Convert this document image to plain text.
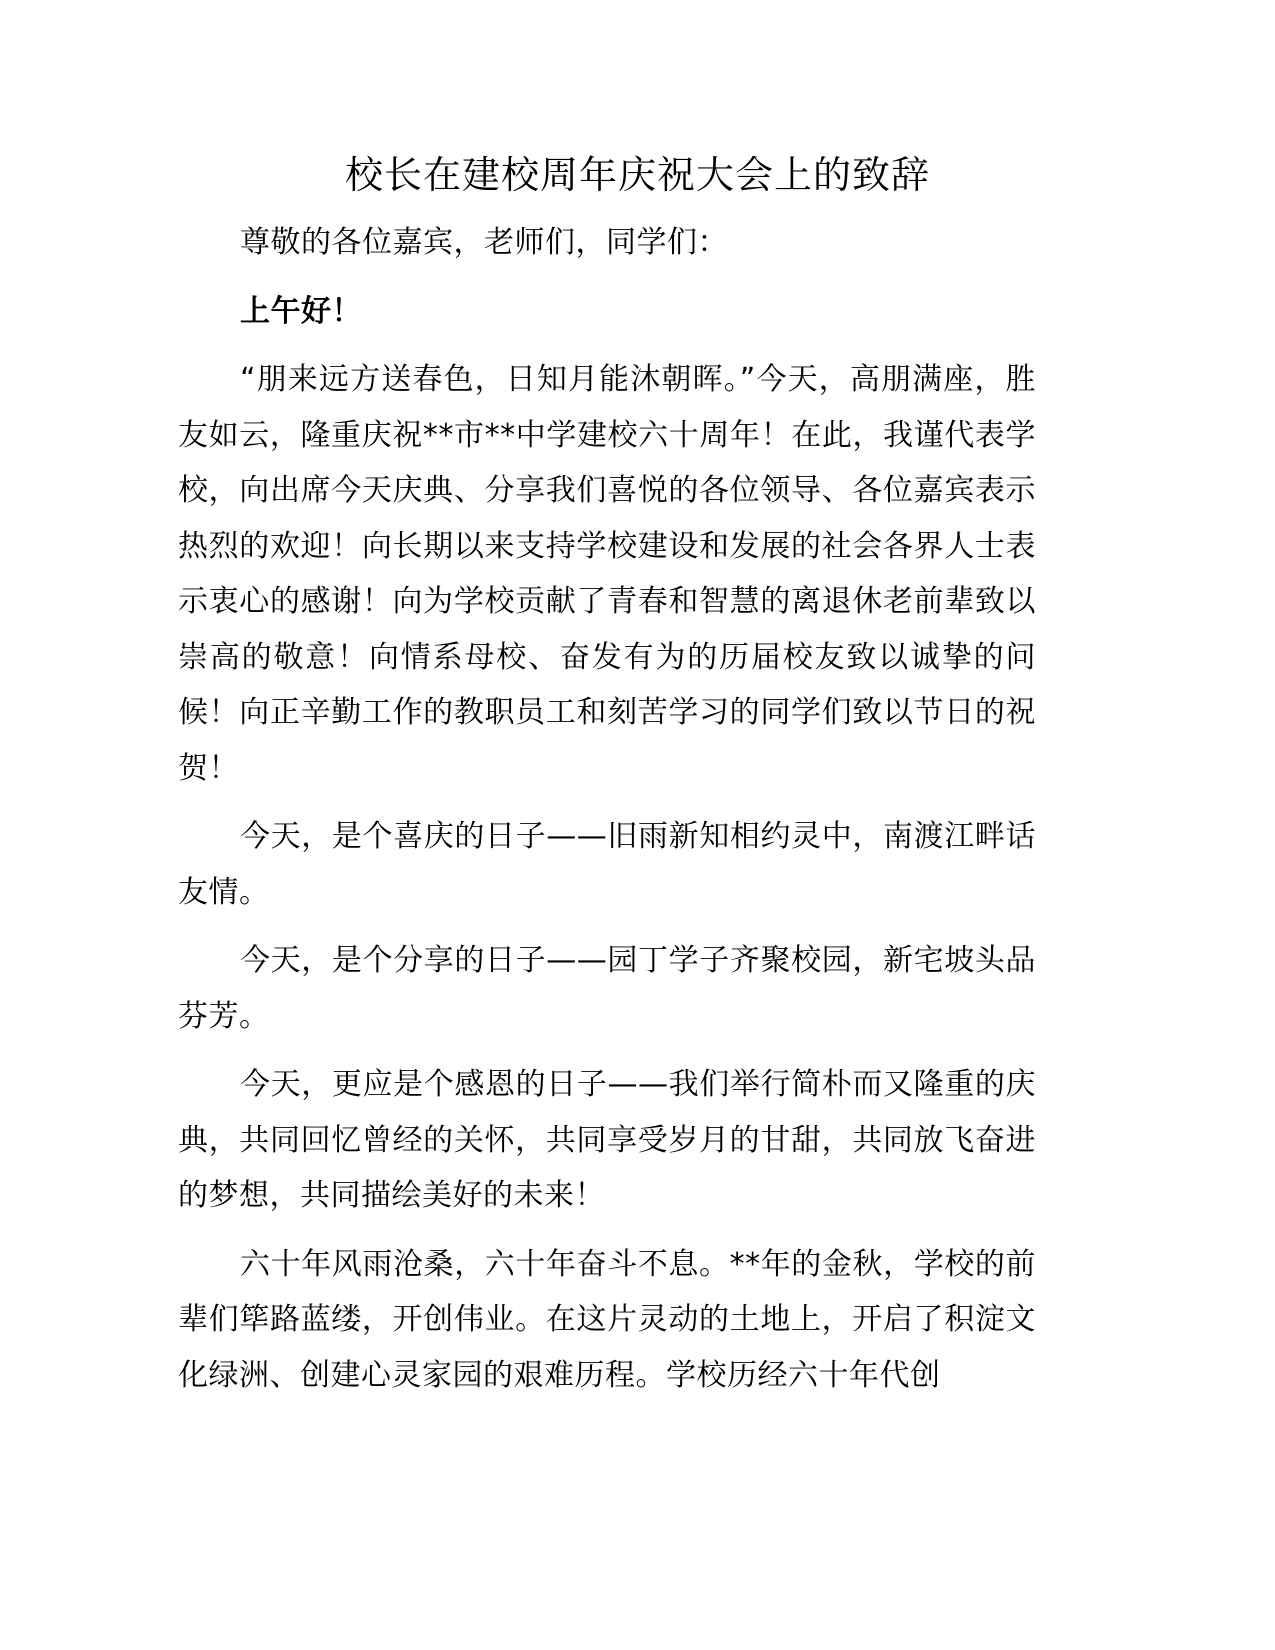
校长在建校周年庆祝大会上的致辞

尊敬的各位嘉宾，老师们，同学们：

上午好！

“朋来远方送春色，日知月能沐朝晖。”今天，高朋满座，胜友如云，隆重庆祝**市**中学建校六十周年！在此，我谨代表学校，向出席今天庆典、分享我们喜悦的各位领导、各位嘉宾表示热烈的欢迎！向长期以来支持学校建设和发展的社会各界人士表示衷心的感谢！向为学校贡献了青春和智慧的离退休老前辈致以崇高的敬意！向情系母校、奋发有为的历届校友致以诚挚的问候！向正辛勤工作的教职员工和刻苦学习的同学们致以节日的祝贺！

今天，是个喜庆的日子——旧雨新知相约灵中，南渡江畔话友情。

今天，是个分享的日子——园丁学子齐聚校园，新宅坡头品芬芳。

今天，更应是个感恩的日子——我们举行简朴而又隆重的庆典，共同回忆曾经的关怀，共同享受岁月的甘甜，共同放飞奋进的梦想，共同描绘美好的未来！

六十年风雨沧桑，六十年奋斗不息。**年的金秋，学校的前辈们筚路蓝缕，开创伟业。在这片灵动的土地上，开启了积淀文化绿洲、创建心灵家园的艰难历程。学校历经六十年代创
